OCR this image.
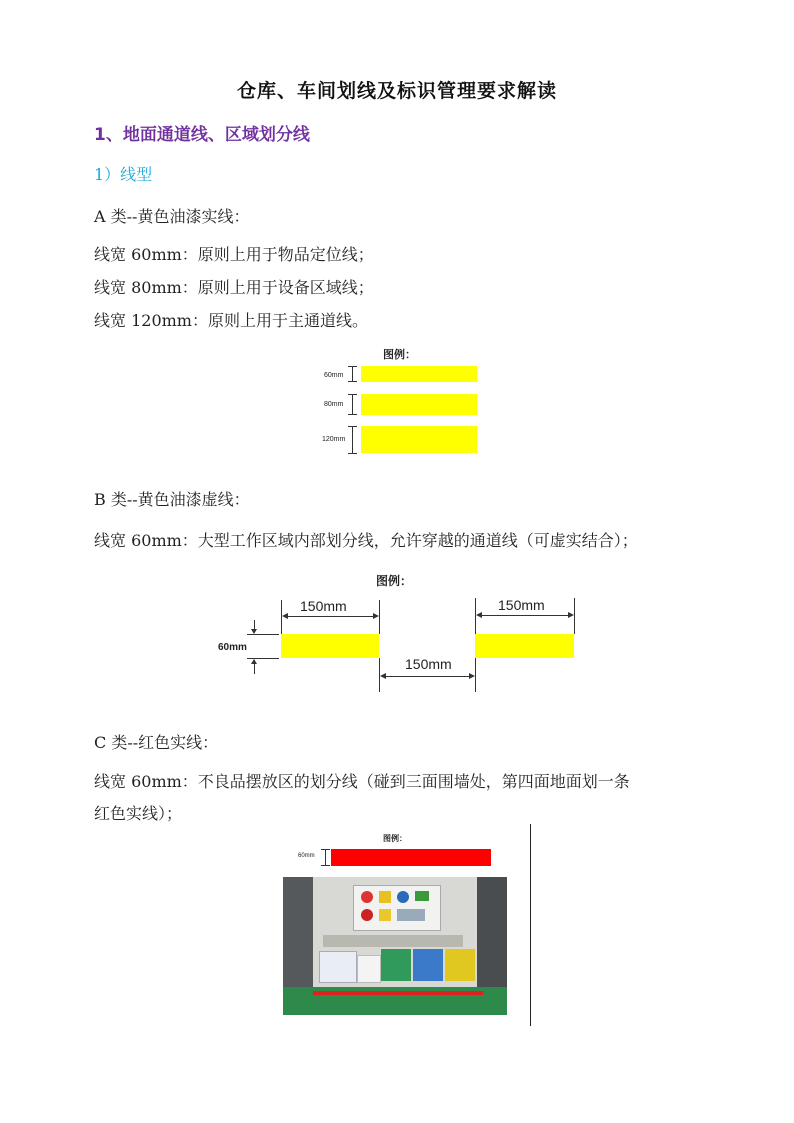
仓库、车间划线及标识管理要求解读
1、地面通道线、区域划分线
1）线型
A 类--黄色油漆实线：
线宽 60mm：原则上用于物品定位线；
线宽 80mm：原则上用于设备区域线；
线宽 120mm：原则上用于主通道线。
图例：
60mm
80mm
120mm
B 类--黄色油漆虚线：
线宽 60mm：大型工作区域内部划分线，允许穿越的通道线（可虚实结合）；
图例：
150mm	150mm
60mm
150mm
C 类--红色实线：
线宽 60mm：不良品摆放区的划分线（碰到三面围墙处，第四面地面划一条
红色实线）；
图例：
60mm
